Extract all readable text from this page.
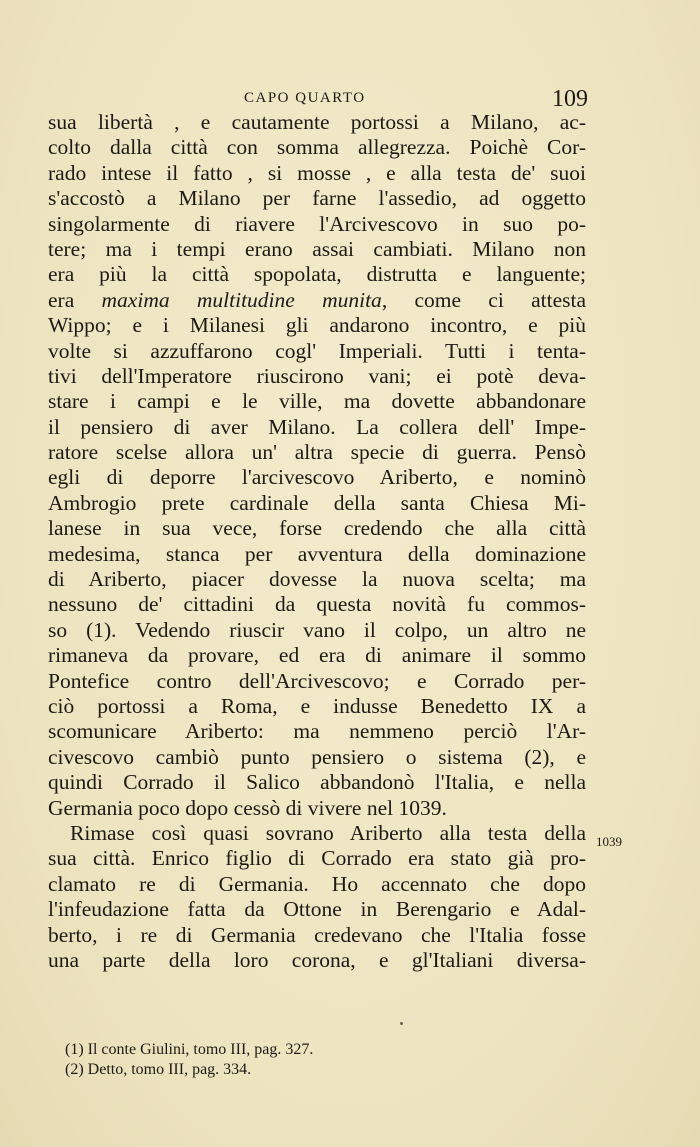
CAPO QUARTO	109
sua libertà , e cautamente portossi a Milano, ac-
colto dalla città con somma allegrezza. Poichè Cor-
rado intese il fatto , si mosse , e alla testa de' suoi
s'accostò a Milano per farne l'assedio, ad oggetto
singolarmente di riavere l'Arcivescovo in suo po-
tere; ma i tempi erano assai cambiati. Milano non
era più la città spopolata, distrutta e languente;
era maxima multitudine munita, come ci attesta
Wippo; e i Milanesi gli andarono incontro, e più
volte si azzuffarono cogl' Imperiali. Tutti i tenta-
tivi dell'Imperatore riuscirono vani; ei potè deva-
stare i campi e le ville, ma dovette abbandonare
il pensiero di aver Milano. La collera dell' Impe-
ratore scelse allora un' altra specie di guerra. Pensò
egli di deporre l'arcivescovo Ariberto, e nominò
Ambrogio prete cardinale della santa Chiesa Mi-
lanese in sua vece, forse credendo che alla città
medesima, stanca per avventura della dominazione
di Ariberto, piacer dovesse la nuova scelta; ma
nessuno de' cittadini da questa novità fu commos-
so (1). Vedendo riuscir vano il colpo, un altro ne
rimaneva da provare, ed era di animare il sommo
Pontefice contro dell'Arcivescovo; e Corrado per-
ciò portossi a Roma, e indusse Benedetto IX a
scomunicare Ariberto: ma nemmeno perciò l'Ar-
civescovo cambiò punto pensiero o sistema (2), e
quindi Corrado il Salico abbandonò l'Italia, e nella
Germania poco dopo cessò di vivere nel 1039.
Rimase così quasi sovrano Ariberto alla testa della
sua città. Enrico figlio di Corrado era stato già pro-
clamato re di Germania. Ho accennato che dopo
l'infeudazione fatta da Ottone in Berengario e Adal-
berto, i re di Germania credevano che l'Italia fosse
una parte della loro corona, e gl'Italiani diversa-
1039
(1) Il conte Giulini, tomo III, pag. 327.
(2) Detto, tomo III, pag. 334.
